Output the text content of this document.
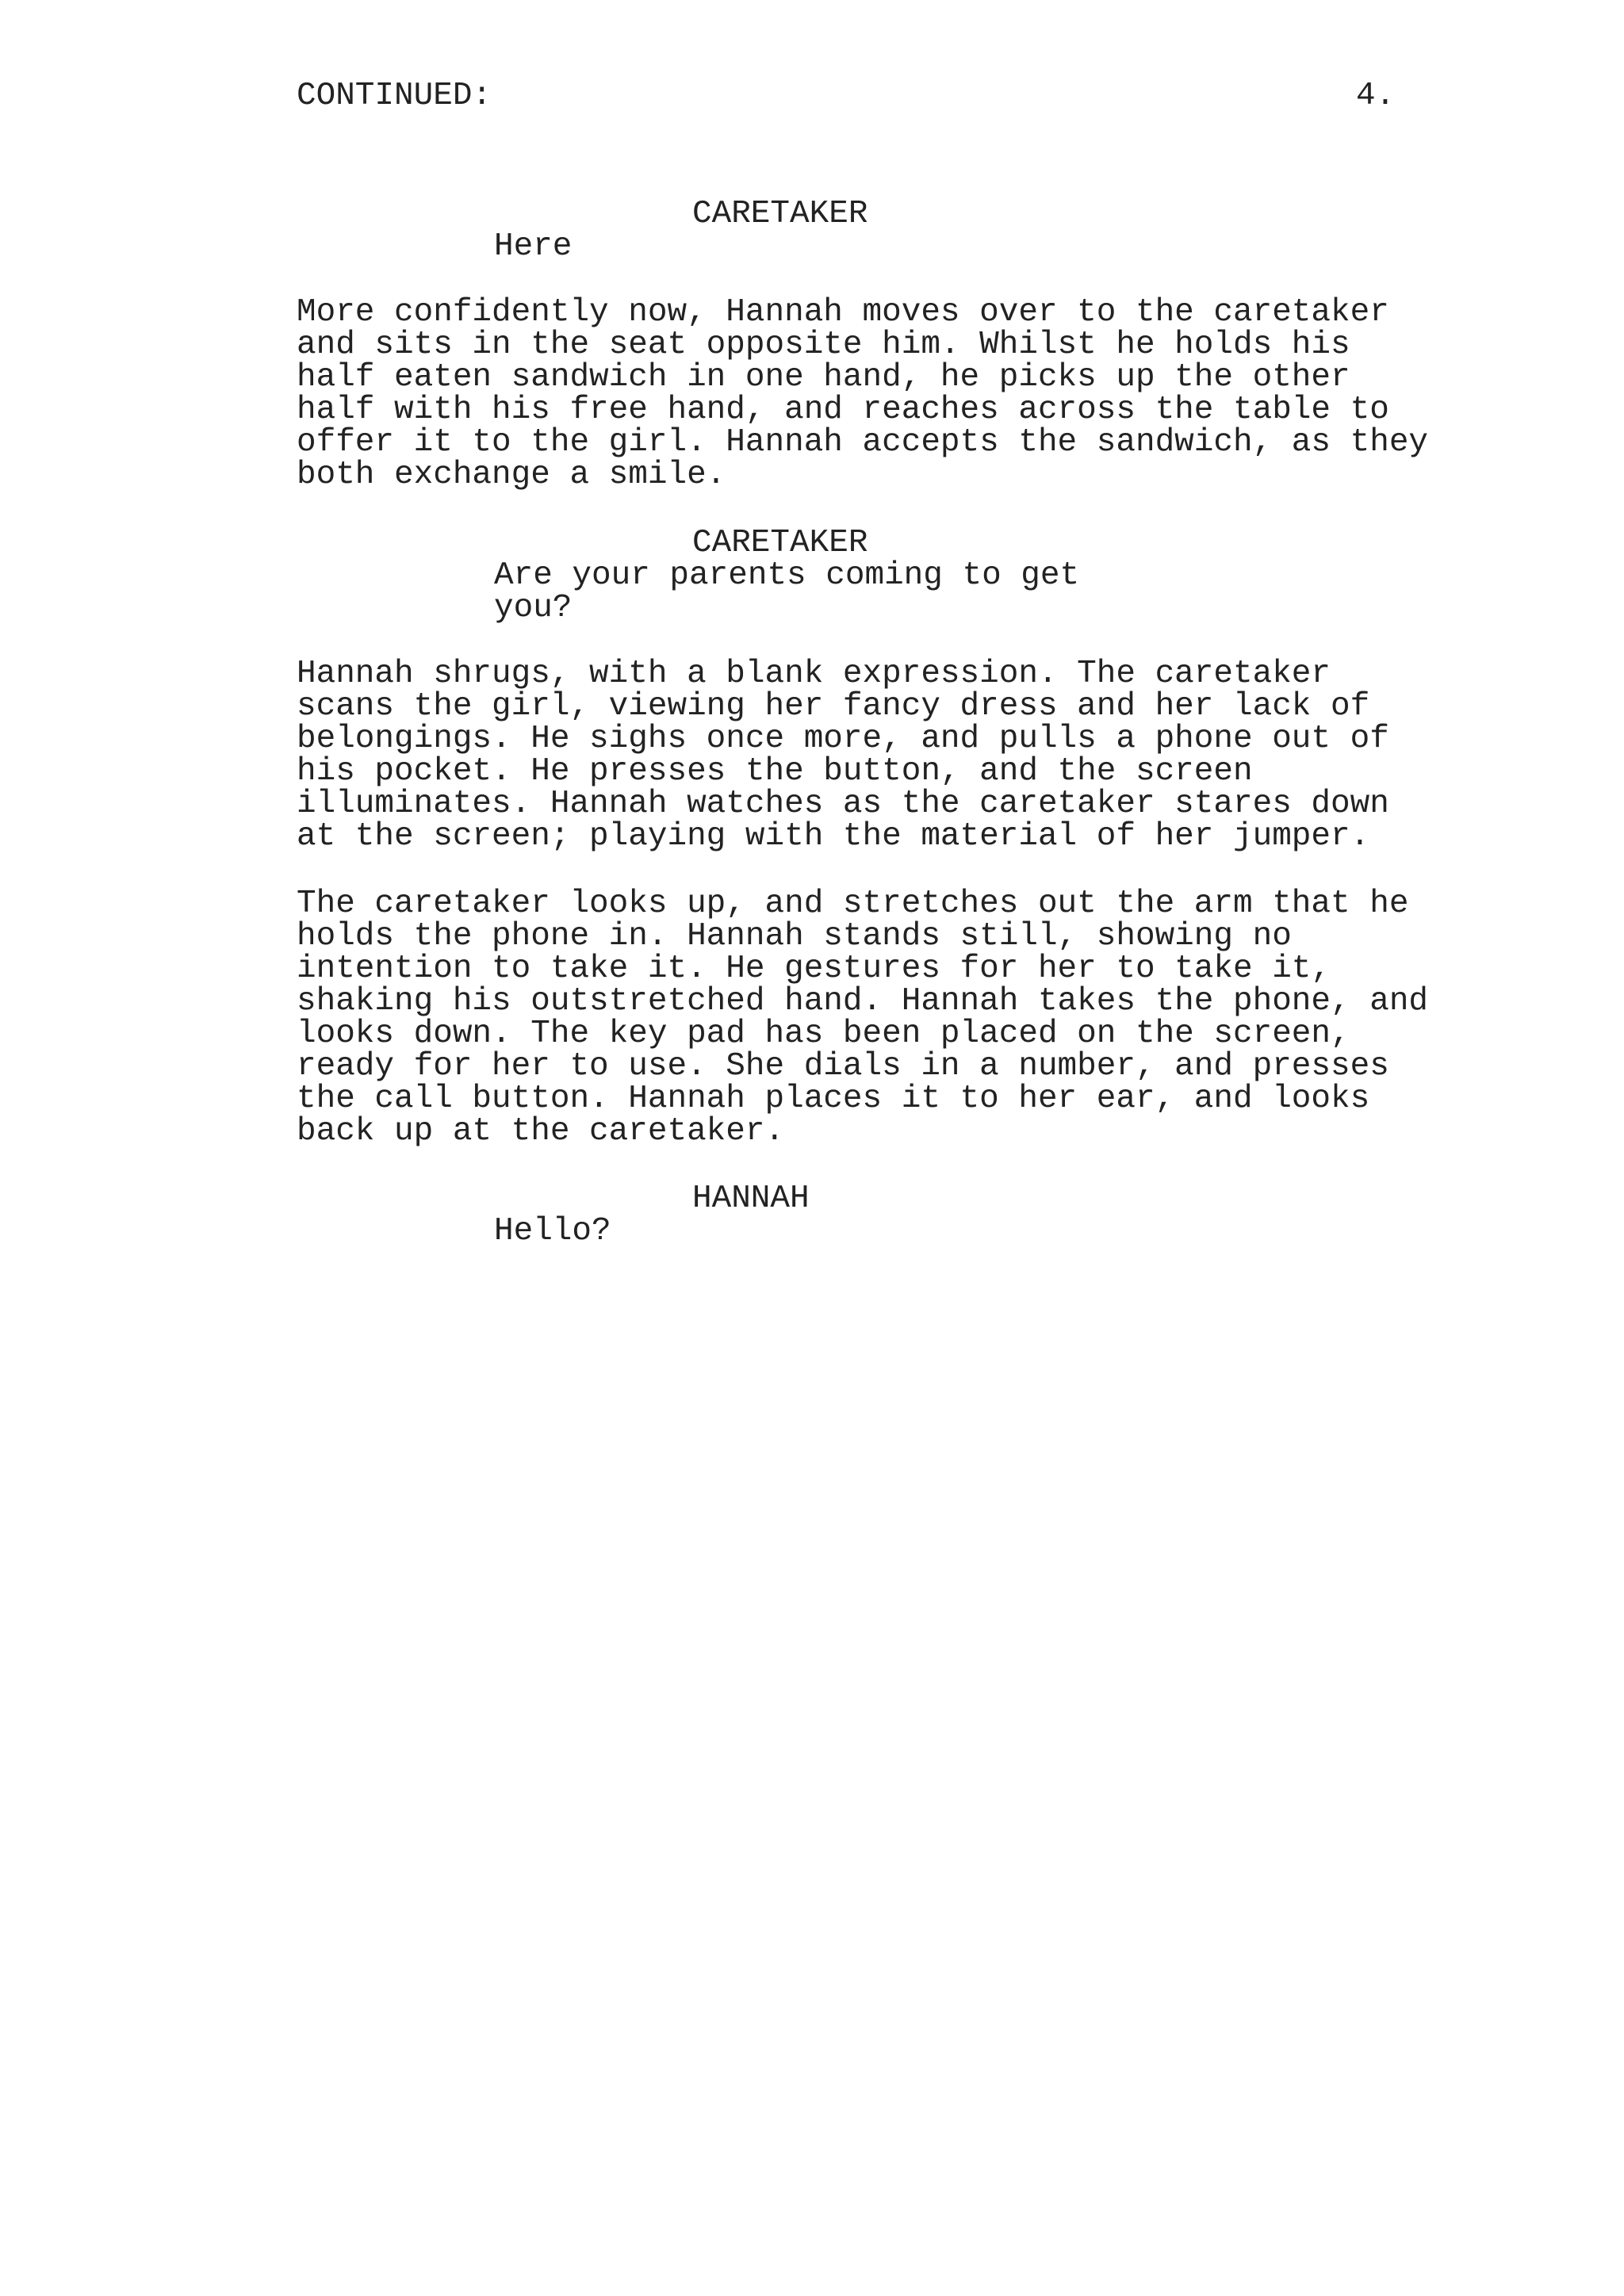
CONTINUED:	4.
CARETAKER
Here
More confidently now, Hannah moves over to the caretaker
and sits in the seat opposite him. Whilst he holds his
half eaten sandwich in one hand, he picks up the other
half with his free hand, and reaches across the table to
offer it to the girl. Hannah accepts the sandwich, as they
both exchange a smile.
CARETAKER
Are your parents coming to get
you?
Hannah shrugs, with a blank expression. The caretaker
scans the girl, viewing her fancy dress and her lack of
belongings. He sighs once more, and pulls a phone out of
his pocket. He presses the button, and the screen
illuminates. Hannah watches as the caretaker stares down
at the screen; playing with the material of her jumper.
The caretaker looks up, and stretches out the arm that he
holds the phone in. Hannah stands still, showing no
intention to take it. He gestures for her to take it,
shaking his outstretched hand. Hannah takes the phone, and
looks down. The key pad has been placed on the screen,
ready for her to use. She dials in a number, and presses
the call button. Hannah places it to her ear, and looks
back up at the caretaker.
HANNAH
Hello?
